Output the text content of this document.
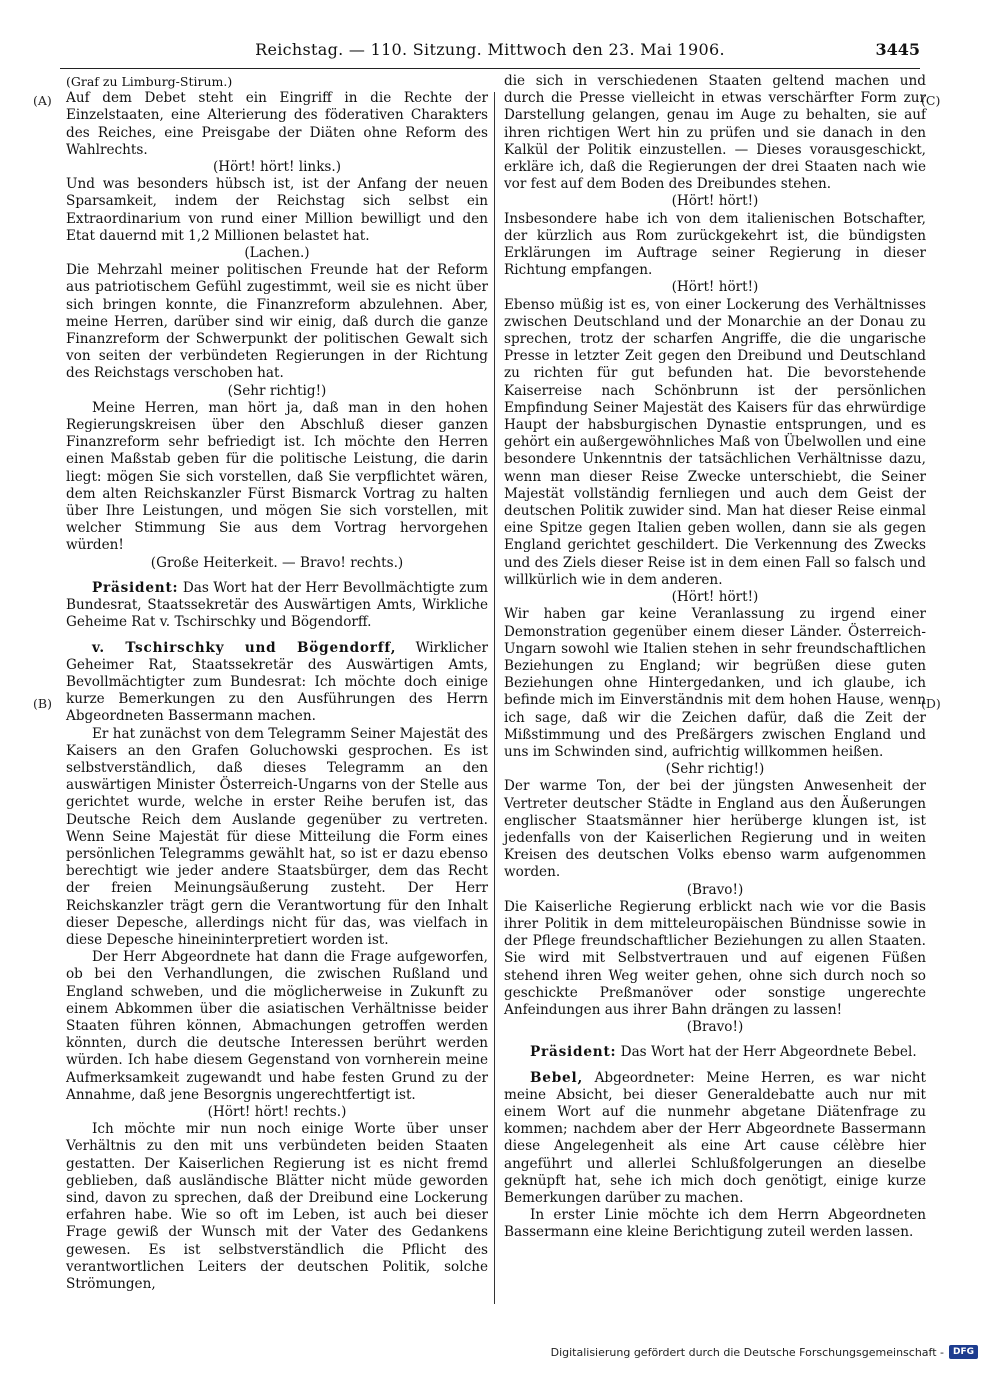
Reichstag. — 110. Sitzung. Mittwoch den 23. Mai 1906.	3445
(A)
(B)
(C)
(D)

(Graf zu Limburg-Stirum.)

Auf dem Debet steht ein Eingriff in die Rechte der Einzelstaaten, eine Alterierung des föderativen Charakters des Reiches, eine Preisgabe der Diäten ohne Reform des Wahlrechts.

(Hört! hört! links.)

Und was besonders hübsch ist, ist der Anfang der neuen Sparsamkeit, indem der Reichstag sich selbst ein Extraordinarium von rund einer Million bewilligt und den Etat dauernd mit 1,2 Millionen belastet hat.

(Lachen.)

Die Mehrzahl meiner politischen Freunde hat der Reform aus patriotischem Gefühl zugestimmt, weil sie es nicht über sich bringen konnte, die Finanzreform abzulehnen. Aber, meine Herren, darüber sind wir einig, daß durch die ganze Finanzreform der Schwerpunkt der politischen Gewalt sich von seiten der verbündeten Regierungen in der Richtung des Reichstags verschoben hat.

(Sehr richtig!)

Meine Herren, man hört ja, daß man in den hohen Regierungskreisen über den Abschluß dieser ganzen Finanzreform sehr befriedigt ist. Ich möchte den Herren einen Maßstab geben für die politische Leistung, die darin liegt: mögen Sie sich vorstellen, daß Sie verpflichtet wären, dem alten Reichskanzler Fürst Bismarck Vortrag zu halten über Ihre Leistungen, und mögen Sie sich vorstellen, mit welcher Stimmung Sie aus dem Vortrag hervorgehen würden!

(Große Heiterkeit. — Bravo! rechts.)

Präsident: Das Wort hat der Herr Bevollmächtigte zum Bundesrat, Staatssekretär des Auswärtigen Amts, Wirkliche Geheime Rat v. Tschirschky und Bögendorff.

v. Tschirschky und Bögendorff, Wirklicher Geheimer Rat, Staatssekretär des Auswärtigen Amts, Bevollmächtigter zum Bundesrat: Ich möchte doch einige kurze Bemerkungen zu den Ausführungen des Herrn Abgeordneten Bassermann machen.

Er hat zunächst von dem Telegramm Seiner Majestät des Kaisers an den Grafen Goluchowski gesprochen. Es ist selbstverständlich, daß dieses Telegramm an den auswärtigen Minister Österreich-Ungarns von der Stelle aus gerichtet wurde, welche in erster Reihe berufen ist, das Deutsche Reich dem Auslande gegenüber zu vertreten. Wenn Seine Majestät für diese Mitteilung die Form eines persönlichen Telegramms gewählt hat, so ist er dazu ebenso berechtigt wie jeder andere Staatsbürger, dem das Recht der freien Meinungsäußerung zusteht. Der Herr Reichskanzler trägt gern die Verantwortung für den Inhalt dieser Depesche, allerdings nicht für das, was vielfach in diese Depesche hineininterpretiert worden ist.

Der Herr Abgeordnete hat dann die Frage aufgeworfen, ob bei den Verhandlungen, die zwischen Rußland und England schweben, und die möglicherweise in Zukunft zu einem Abkommen über die asiatischen Verhältnisse beider Staaten führen können, Abmachungen getroffen werden könnten, durch die deutsche Interessen berührt werden würden. Ich habe diesem Gegenstand von vornherein meine Aufmerksamkeit zugewandt und habe festen Grund zu der Annahme, daß jene Besorgnis ungerechtfertigt ist.

(Hört! hört! rechts.)

Ich möchte mir nun noch einige Worte über unser Verhältnis zu den mit uns verbündeten beiden Staaten gestatten. Der Kaiserlichen Regierung ist es nicht fremd geblieben, daß ausländische Blätter nicht müde geworden sind, davon zu sprechen, daß der Dreibund eine Lockerung erfahren habe. Wie so oft im Leben, ist auch bei dieser Frage gewiß der Wunsch mit der Vater des Gedankens gewesen. Es ist selbstverständlich die Pflicht des verantwortlichen Leiters der deutschen Politik, solche Strömungen,

die sich in verschiedenen Staaten geltend machen und durch die Presse vielleicht in etwas verschärfter Form zur Darstellung gelangen, genau im Auge zu behalten, sie auf ihren richtigen Wert hin zu prüfen und sie danach in den Kalkül der Politik einzustellen. — Dieses vorausgeschickt, erkläre ich, daß die Regierungen der drei Staaten nach wie vor fest auf dem Boden des Dreibundes stehen.

(Hört! hört!)

Insbesondere habe ich von dem italienischen Botschafter, der kürzlich aus Rom zurückgekehrt ist, die bündigsten Erklärungen im Auftrage seiner Regierung in dieser Richtung empfangen.

(Hört! hört!)

Ebenso müßig ist es, von einer Lockerung des Verhältnisses zwischen Deutschland und der Monarchie an der Donau zu sprechen, trotz der scharfen Angriffe, die die ungarische Presse in letzter Zeit gegen den Dreibund und Deutschland zu richten für gut befunden hat. Die bevorstehende Kaiserreise nach Schönbrunn ist der persönlichen Empfindung Seiner Majestät des Kaisers für das ehrwürdige Haupt der habsburgischen Dynastie entsprungen, und es gehört ein außergewöhnliches Maß von Übelwollen und eine besondere Unkenntnis der tatsächlichen Verhältnisse dazu, wenn man dieser Reise Zwecke unterschiebt, die Seiner Majestät vollständig fernliegen und auch dem Geist der deutschen Politik zuwider sind. Man hat dieser Reise einmal eine Spitze gegen Italien geben wollen, dann sie als gegen England gerichtet geschildert. Die Verkennung des Zwecks und des Ziels dieser Reise ist in dem einen Fall so falsch und willkürlich wie in dem anderen.

(Hört! hört!)

Wir haben gar keine Veranlassung zu irgend einer Demonstration gegenüber einem dieser Länder. Österreich-Ungarn sowohl wie Italien stehen in sehr freundschaftlichen Beziehungen zu England; wir begrüßen diese guten Beziehungen ohne Hintergedanken, und ich glaube, ich befinde mich im Einverständnis mit dem hohen Hause, wenn ich sage, daß wir die Zeichen dafür, daß die Zeit der Mißstimmung und des Preßärgers zwischen England und uns im Schwinden sind, aufrichtig willkommen heißen.

(Sehr richtig!)

Der warme Ton, der bei der jüngsten Anwesenheit der Vertreter deutscher Städte in England aus den Äußerungen englischer Staatsmänner hier herüberge klungen ist, ist jedenfalls von der Kaiserlichen Regierung und in weiten Kreisen des deutschen Volks ebenso warm aufgenommen worden.

(Bravo!)

Die Kaiserliche Regierung erblickt nach wie vor die Basis ihrer Politik in dem mitteleuropäischen Bündnisse sowie in der Pflege freundschaftlicher Beziehungen zu allen Staaten. Sie wird mit Selbstvertrauen und auf eigenen Füßen stehend ihren Weg weiter gehen, ohne sich durch noch so geschickte Preßmanöver oder sonstige ungerechte Anfeindungen aus ihrer Bahn drängen zu lassen!

(Bravo!)

Präsident: Das Wort hat der Herr Abgeordnete Bebel.

Bebel, Abgeordneter: Meine Herren, es war nicht meine Absicht, bei dieser Generaldebatte auch nur mit einem Wort auf die nunmehr abgetane Diätenfrage zu kommen; nachdem aber der Herr Abgeordnete Bassermann diese Angelegenheit als eine Art cause célèbre hier angeführt und allerlei Schlußfolgerungen an dieselbe geknüpft hat, sehe ich mich doch genötigt, einige kurze Bemerkungen darüber zu machen.

In erster Linie möchte ich dem Herrn Abgeordneten Bassermann eine kleine Berichtigung zuteil werden lassen.

Digitalisierung gefördert durch die Deutsche Forschungsgemeinschaft -	DFG
